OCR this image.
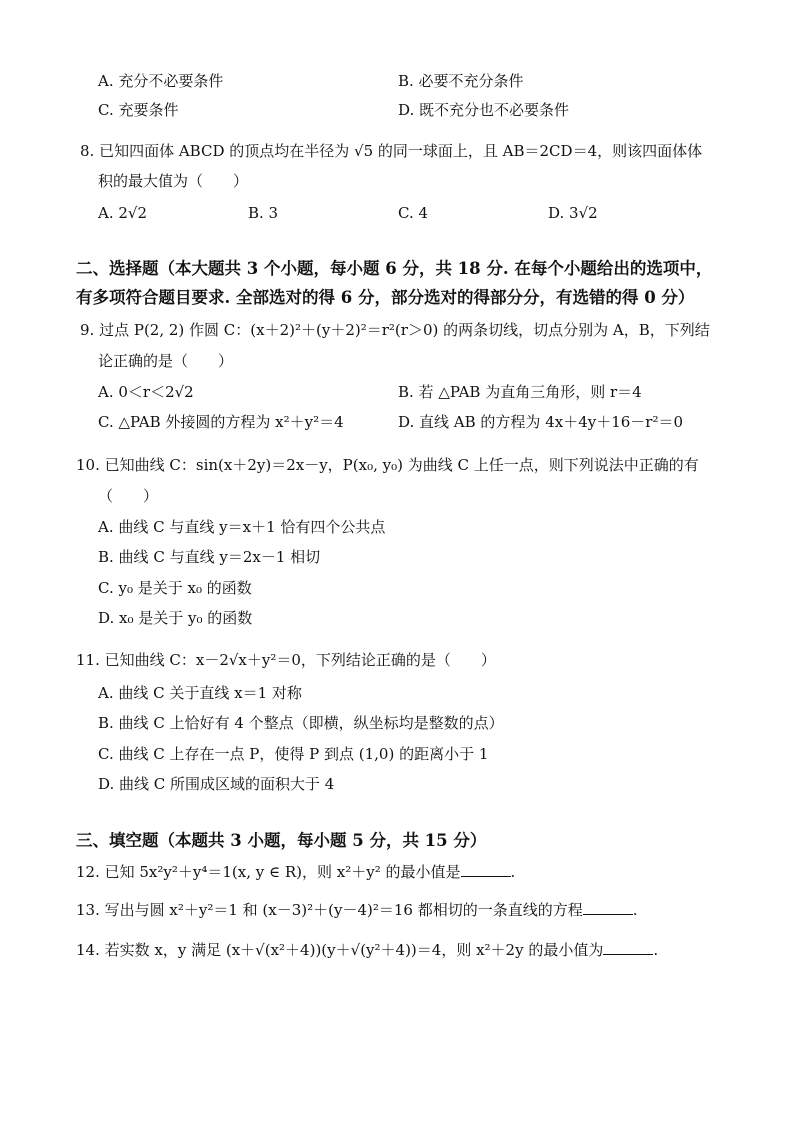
A. 充分不必要条件	B. 必要不充分条件
C. 充要条件	D. 既不充分也不必要条件
8. 已知四面体 ABCD 的顶点均在半径为 √5 的同一球面上，且 AB＝2CD＝4，则该四面体体
积的最大值为（　　）
A. 2√2	B. 3	C. 4	D. 3√2
二、选择题（本大题共 3 个小题，每小题 6 分，共 18 分. 在每个小题给出的选项中，
有多项符合题目要求. 全部选对的得 6 分，部分选对的得部分分，有选错的得 0 分）
9. 过点 P(2, 2) 作圆 C：(x＋2)²＋(y＋2)²＝r²(r＞0) 的两条切线，切点分别为 A，B，下列结
论正确的是（　　）
A. 0＜r＜2√2	B. 若 △PAB 为直角三角形，则 r＝4
C. △PAB 外接圆的方程为 x²＋y²＝4	D. 直线 AB 的方程为 4x＋4y＋16－r²＝0
10. 已知曲线 C：sin(x＋2y)＝2x－y，P(x₀, y₀) 为曲线 C 上任一点，则下列说法中正确的有
（　　）
A. 曲线 C 与直线 y＝x＋1 恰有四个公共点
B. 曲线 C 与直线 y＝2x－1 相切
C. y₀ 是关于 x₀ 的函数
D. x₀ 是关于 y₀ 的函数
11. 已知曲线 C：x－2√x＋y²＝0，下列结论正确的是（　　）
A. 曲线 C 关于直线 x＝1 对称
B. 曲线 C 上恰好有 4 个整点（即横，纵坐标均是整数的点）
C. 曲线 C 上存在一点 P，使得 P 到点 (1,0) 的距离小于 1
D. 曲线 C 所围成区域的面积大于 4
三、填空题（本题共 3 小题，每小题 5 分，共 15 分）
12. 已知 5x²y²＋y⁴＝1(x, y ∈ R)，则 x²＋y² 的最小值是	.
13. 写出与圆 x²＋y²＝1 和 (x－3)²＋(y－4)²＝16 都相切的一条直线的方程	.
14. 若实数 x，y 满足 (x＋√(x²＋4))(y＋√(y²＋4))＝4，则 x²＋2y 的最小值为	.
